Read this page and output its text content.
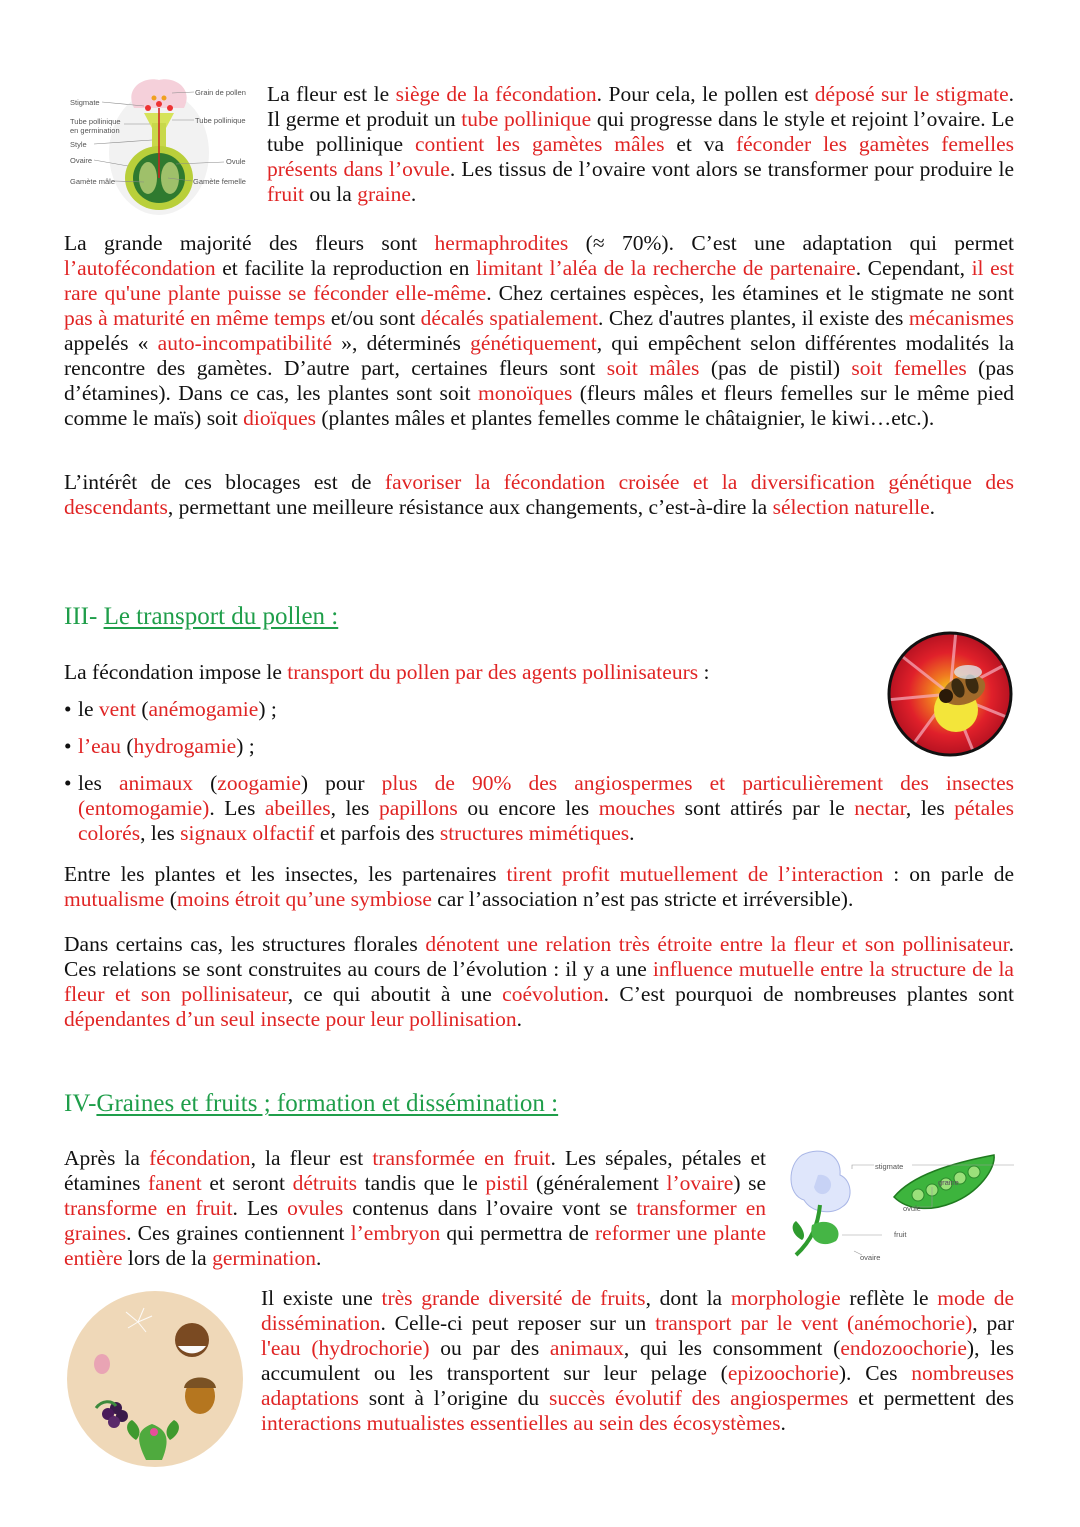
Stigmate
Tube pollinique en germination
Style
Ovaire
Gamète mâle
Grain de pollen
Tube pollinique
Ovule
Gamète femelle

La fleur est le siège de la fécondation. Pour cela, le pollen est déposé sur le stigmate. Il germe et produit un tube pollinique qui progresse dans le style et rejoint l’ovaire. Le tube pollinique contient les gamètes mâles et va féconder les gamètes femelles présents dans l’ovule. Les tissus de l’ovaire vont alors se transformer pour produire le fruit ou la graine.

La grande majorité des fleurs sont hermaphrodites (≈ 70%). C’est une adaptation qui permet l’autofécondation et facilite la reproduction en limitant l’aléa de la recherche de partenaire. Cependant, il est rare qu'une plante puisse se féconder elle-même. Chez certaines espèces, les étamines et le stigmate ne sont pas à maturité en même temps et/ou sont décalés spatialement. Chez d'autres plantes, il existe des mécanismes appelés « auto-incompatibilité », déterminés génétiquement, qui empêchent selon différentes modalités la rencontre des gamètes. D’autre part, certaines fleurs sont soit mâles (pas de pistil) soit femelles (pas d’étamines). Dans ce cas, les plantes sont soit monoïques (fleurs mâles et fleurs femelles sur le même pied comme le maïs) soit dioïques (plantes mâles et plantes femelles comme le châtaignier, le kiwi…etc.).

L’intérêt de ces blocages est de favoriser la fécondation croisée et la diversification génétique des descendants, permettant une meilleure résistance aux changements, c’est-à-dire la sélection naturelle.

III- Le transport du pollen :

La fécondation impose le transport du pollen par des agents pollinisateurs :

• le vent (anémogamie) ;
• l’eau (hydrogamie) ;
• les animaux (zoogamie) pour plus de 90% des angiospermes et particulièrement des insectes (entomogamie). Les abeilles, les papillons ou encore les mouches sont attirés par le nectar, les pétales colorés, les signaux olfactif et parfois des structures mimétiques.

Entre les plantes et les insectes, les partenaires tirent profit mutuellement de l’interaction : on parle de mutualisme (moins étroit qu’une symbiose car l’association n’est pas stricte et irréversible).

Dans certains cas, les structures florales dénotent une relation très étroite entre la fleur et son pollinisateur. Ces relations se sont construites au cours de l’évolution : il y a une influence mutuelle entre la structure de la fleur et son pollinisateur, ce qui aboutit à une coévolution. C’est pourquoi de nombreuses plantes sont dépendantes d’un seul insecte pour leur pollinisation.

IV-Graines et fruits ; formation et dissémination :

Après la fécondation, la fleur est transformée en fruit. Les sépales, pétales et étamines fanent et seront détruits tandis que le pistil (généralement l’ovaire) se transforme en fruit. Les ovules contenus dans l’ovaire vont se transformer en graines. Ces graines contiennent l’embryon qui permettra de reformer une plante entière lors de la germination.

stigmate
graine
ovule
fruit
ovaire

Il existe une très grande diversité de fruits, dont la morphologie reflète le mode de dissémination. Celle-ci peut reposer sur un transport par le vent (anémochorie), par l'eau (hydrochorie) ou par des animaux, qui les consomment (endozoochorie), les accumulent ou les transportent sur leur pelage (epizoochorie). Ces nombreuses adaptations sont à l’origine du succès évolutif des angiospermes et permettent des interactions mutualistes essentielles au sein des écosystèmes.
